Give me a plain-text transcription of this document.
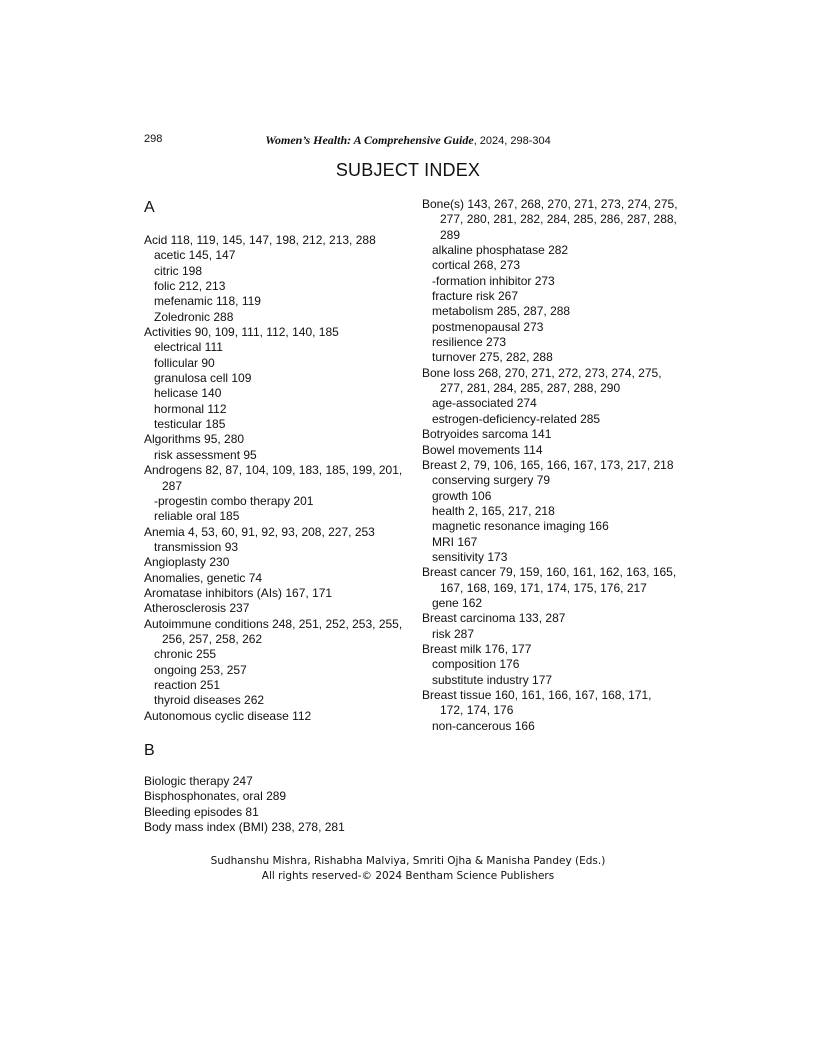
298	Women’s Health: A Comprehensive Guide, 2024, 298-304
SUBJECT INDEX
A
Acid 118, 119, 145, 147, 198, 212, 213, 288
acetic 145, 147
citric 198
folic 212, 213
mefenamic 118, 119
Zoledronic 288
Activities 90, 109, 111, 112, 140, 185
electrical 111
follicular 90
granulosa cell 109
helicase 140
hormonal 112
testicular 185
Algorithms 95, 280
risk assessment 95
Androgens 82, 87, 104, 109, 183, 185, 199, 201, 287
-progestin combo therapy 201
reliable oral 185
Anemia 4, 53, 60, 91, 92, 93, 208, 227, 253
transmission 93
Angioplasty 230
Anomalies, genetic 74
Aromatase inhibitors (AIs) 167, 171
Atherosclerosis 237
Autoimmune conditions 248, 251, 252, 253, 255, 256, 257, 258, 262
chronic 255
ongoing 253, 257
reaction 251
thyroid diseases 262
Autonomous cyclic disease 112
B
Biologic therapy 247
Bisphosphonates, oral 289
Bleeding episodes 81
Body mass index (BMI) 238, 278, 281
Bone(s) 143, 267, 268, 270, 271, 273, 274, 275, 277, 280, 281, 282, 284, 285, 286, 287, 288, 289
alkaline phosphatase 282
cortical 268, 273
-formation inhibitor 273
fracture risk 267
metabolism 285, 287, 288
postmenopausal 273
resilience 273
turnover 275, 282, 288
Bone loss 268, 270, 271, 272, 273, 274, 275, 277, 281, 284, 285, 287, 288, 290
age-associated 274
estrogen-deficiency-related 285
Botryoides sarcoma 141
Bowel movements 114
Breast 2, 79, 106, 165, 166, 167, 173, 217, 218
conserving surgery 79
growth 106
health 2, 165, 217, 218
magnetic resonance imaging 166
MRI 167
sensitivity 173
Breast cancer 79, 159, 160, 161, 162, 163, 165, 167, 168, 169, 171, 174, 175, 176, 217
gene 162
Breast carcinoma 133, 287
risk 287
Breast milk 176, 177
composition 176
substitute industry 177
Breast tissue 160, 161, 166, 167, 168, 171, 172, 174, 176
non-cancerous 166
Sudhanshu Mishra, Rishabha Malviya, Smriti Ojha & Manisha Pandey (Eds.)
All rights reserved-© 2024 Bentham Science Publishers
